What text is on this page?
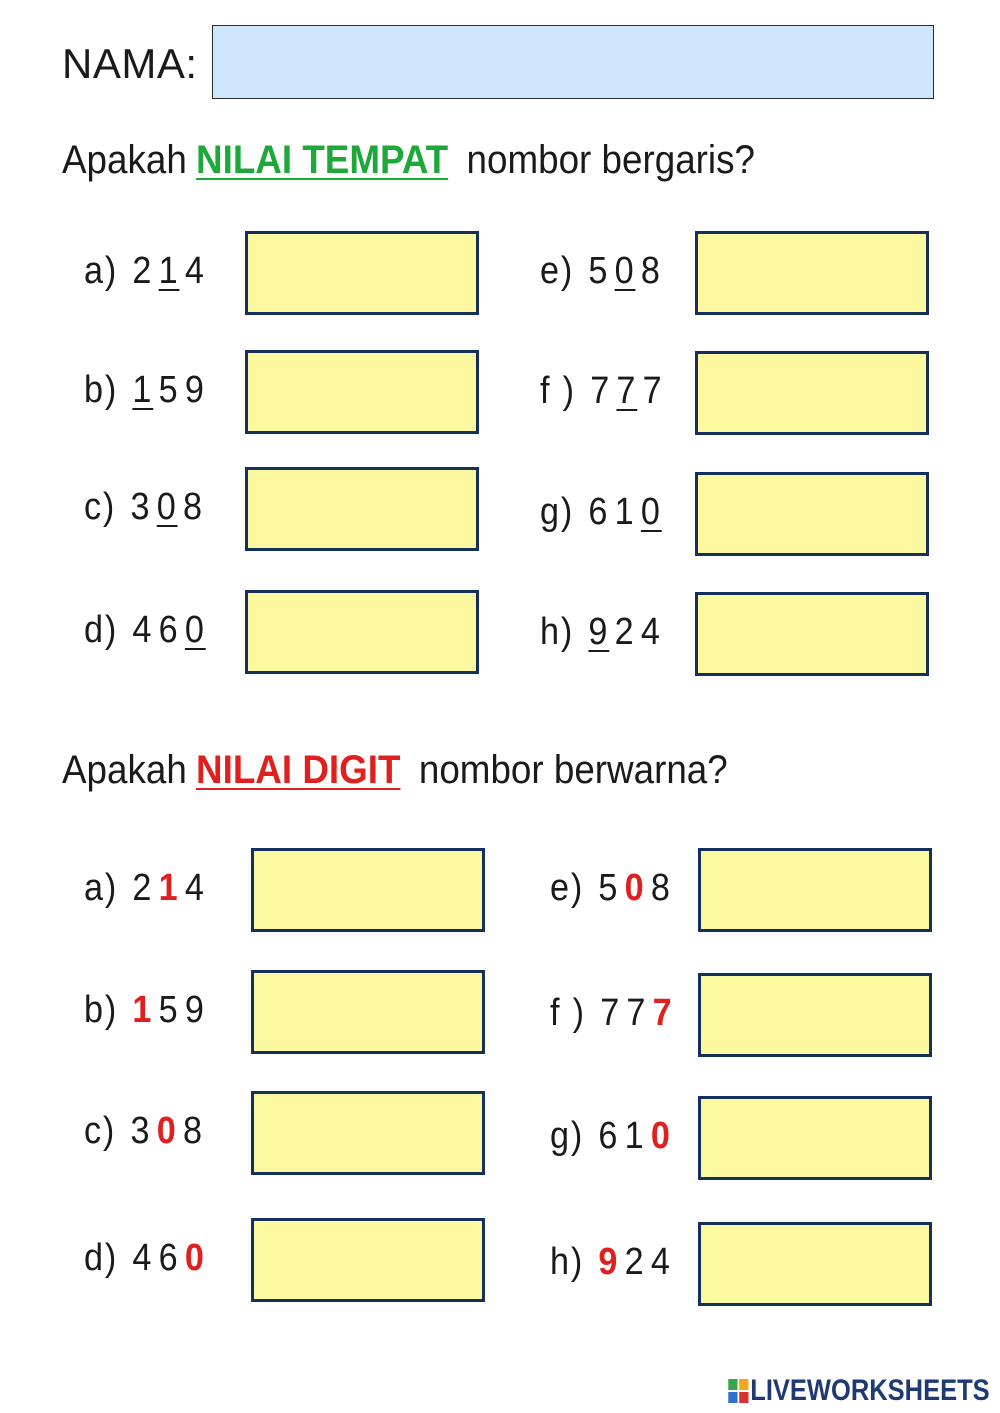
NAMA:
Apakah NILAI TEMPAT nombor bergaris?
a) 2 1 4
b) 1 5 9
c) 3 0 8
d) 4 6 0
e) 5 0 8
f ) 7 7 7
g) 6 1 0
h) 9 2 4
Apakah NILAI DIGIT nombor berwarna?
a) 2 1 4
b) 1 5 9
c) 3 0 8
d) 4 6 0
e) 5 0 8
f ) 7 7 7
g) 6 1 0
h) 9 2 4
LIVEWORKSHEETS
